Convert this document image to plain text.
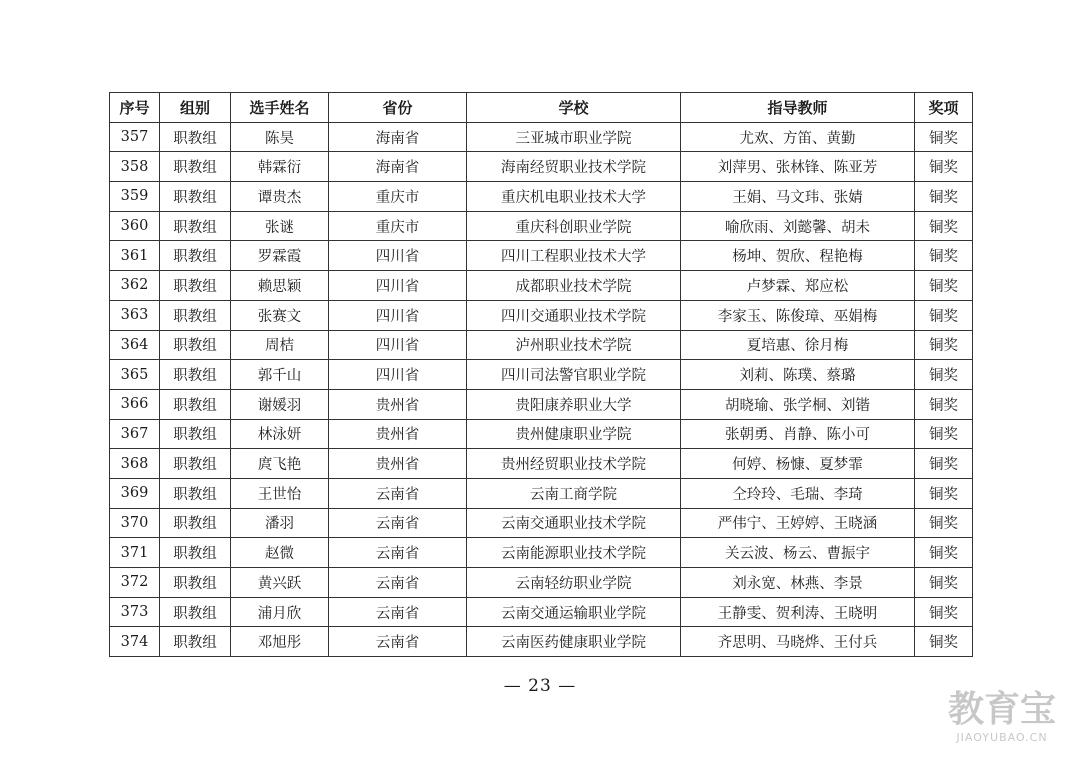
序号	组别	选手姓名	省份	学校	指导教师	奖项
357	职教组	陈昊	海南省	三亚城市职业学院	尤欢、方笛、黄勤	铜奖
358	职教组	韩霖衍	海南省	海南经贸职业技术学院	刘萍男、张林锋、陈亚芳	铜奖
359	职教组	谭贵杰	重庆市	重庆机电职业技术大学	王娟、马文玮、张婧	铜奖
360	职教组	张谜	重庆市	重庆科创职业学院	喻欣雨、刘懿馨、胡未	铜奖
361	职教组	罗霖霞	四川省	四川工程职业技术大学	杨坤、贺欣、程艳梅	铜奖
362	职教组	赖思颖	四川省	成都职业技术学院	卢梦霖、郑应松	铜奖
363	职教组	张赛文	四川省	四川交通职业技术学院	李家玉、陈俊璋、巫娟梅	铜奖
364	职教组	周桔	四川省	泸州职业技术学院	夏培惠、徐月梅	铜奖
365	职教组	郭千山	四川省	四川司法警官职业学院	刘莉、陈璞、蔡璐	铜奖
366	职教组	谢媛羽	贵州省	贵阳康养职业大学	胡晓瑜、张学桐、刘锴	铜奖
367	职教组	林泳妍	贵州省	贵州健康职业学院	张朝勇、肖静、陈小可	铜奖
368	职教组	庹飞艳	贵州省	贵州经贸职业技术学院	何婷、杨慷、夏梦霏	铜奖
369	职教组	王世怡	云南省	云南工商学院	仝玲玲、毛瑞、李琦	铜奖
370	职教组	潘羽	云南省	云南交通职业技术学院	严伟宁、王婷婷、王晓涵	铜奖
371	职教组	赵微	云南省	云南能源职业技术学院	关云波、杨云、曹振宇	铜奖
372	职教组	黄兴跃	云南省	云南轻纺职业学院	刘永宽、林燕、李景	铜奖
373	职教组	浦月欣	云南省	云南交通运输职业学院	王静雯、贺利涛、王晓明	铜奖
374	职教组	邓旭彤	云南省	云南医药健康职业学院	齐思明、马晓烨、王付兵	铜奖
— 23 —
教育宝
JIAOYUBAO.CN
